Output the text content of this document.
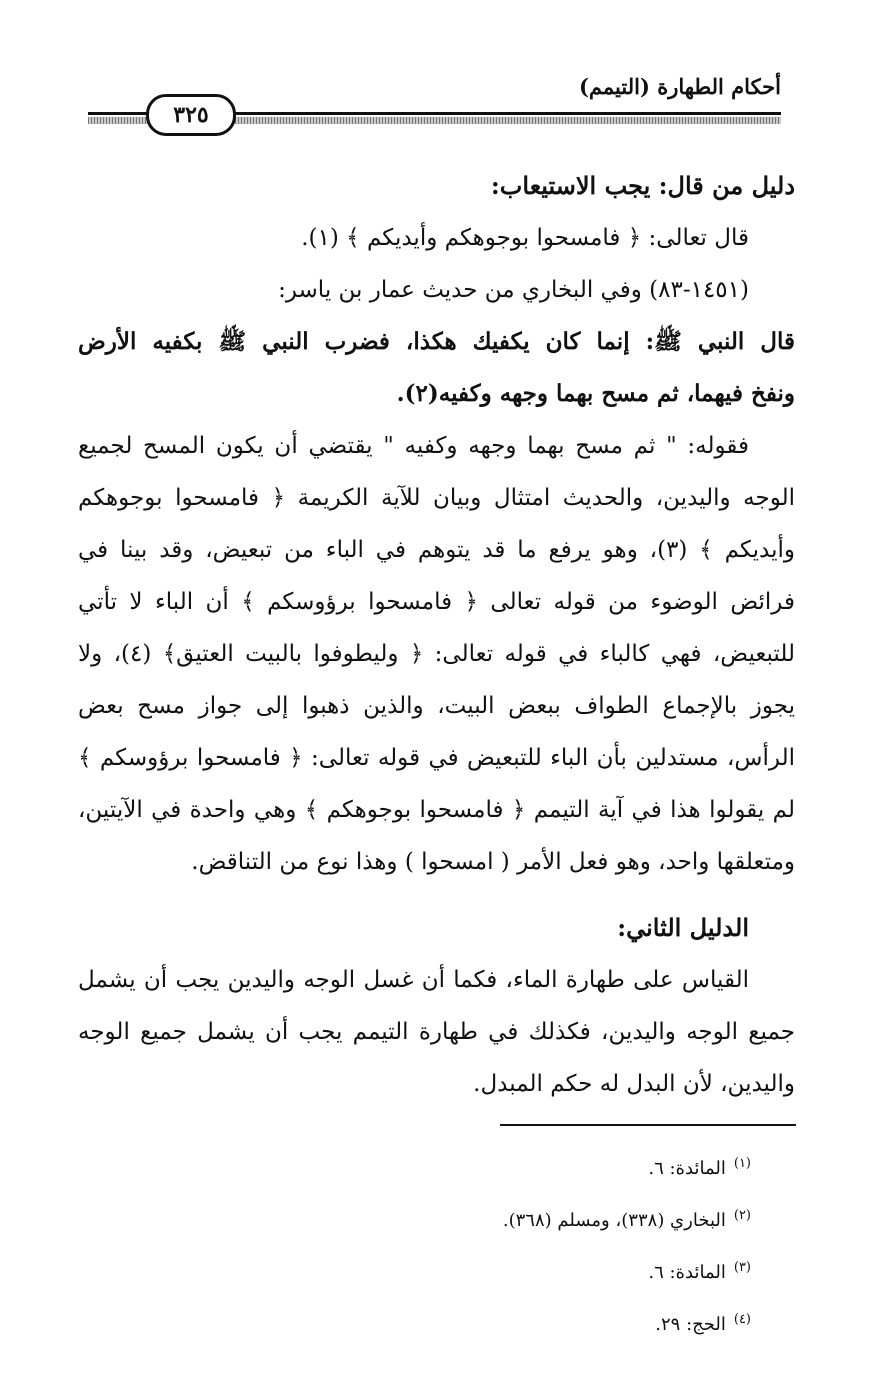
أحكام الطهارة (التيمم)
٣٢٥
دليل من قال: يجب الاستيعاب:
قال تعالى: ﴿ فامسحوا بوجوهكم وأيديكم ﴾ (١).
(١٤٥١-٨٣) وفي البخاري من حديث عمار بن ياسر:
قال النبي ﷺ: إنما كان يكفيك هكذا، فضرب النبي ﷺ بكفيه الأرض
ونفخ فيهما، ثم مسح بهما وجهه وكفيه(٢).
فقوله: " ثم مسح بهما وجهه وكفيه " يقتضي أن يكون المسح لجميع
الوجه واليدين، والحديث امتثال وبيان للآية الكريمة ﴿ فامسحوا بوجوهكم
وأيديكم ﴾ (٣)، وهو يرفع ما قد يتوهم في الباء من تبعيض، وقد بينا في
فرائض الوضوء من قوله تعالى ﴿ فامسحوا برؤوسكم ﴾ أن الباء لا تأتي
للتبعيض، فهي كالباء في قوله تعالى: ﴿ وليطوفوا بالبيت العتيق﴾ (٤)، ولا
يجوز بالإجماع الطواف ببعض البيت، والذين ذهبوا إلى جواز مسح بعض
الرأس، مستدلين بأن الباء للتبعيض في قوله تعالى: ﴿ فامسحوا برؤوسكم ﴾
لم يقولوا هذا في آية التيمم ﴿ فامسحوا بوجوهكم ﴾ وهي واحدة في الآيتين،
ومتعلقها واحد، وهو فعل الأمر ( امسحوا ) وهذا نوع من التناقض.
الدليل الثاني:
القياس على طهارة الماء، فكما أن غسل الوجه واليدين يجب أن يشمل
جميع الوجه واليدين، فكذلك في طهارة التيمم يجب أن يشمل جميع الوجه
واليدين، لأن البدل له حكم المبدل.
$^{(١)}$المائدة: ٦.
$^{(٢)}$البخاري (٣٣٨)، ومسلم (٣٦٨).
$^{(٣)}$المائدة: ٦.
$^{(٤)}$الحج: ٢٩.
